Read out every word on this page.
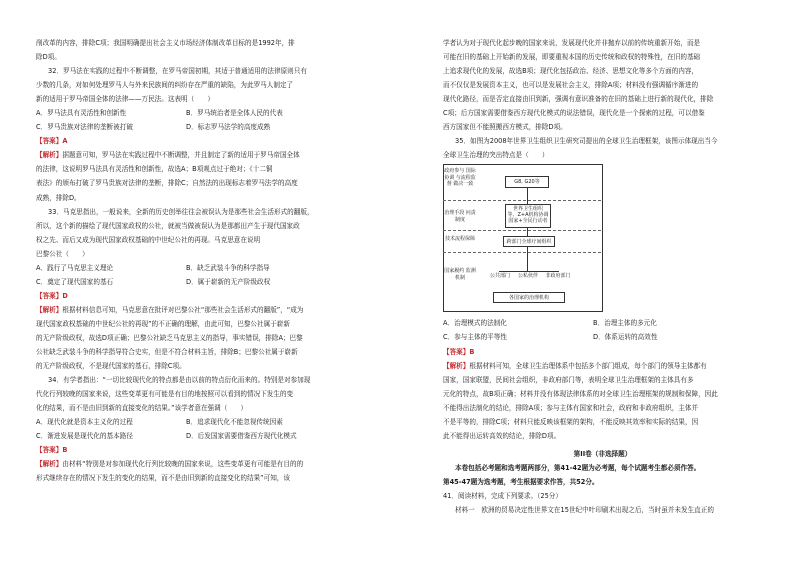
削改革的内容，排除C项；我国明确提出社会主义市场经济体制改革目标的是1992年，排
除D项。
32．罗马法在实践的过程中不断调整，在罗马帝国初期，其适于普通适用的法律原则只有
少数的几条，对如何处理罗马人与外来民族间的纠纷存在严重的缺陷，为此罗马人制定了
新的适用于罗马帝国全体的法律——万民法。这表明（　　）
A．罗马法具有灵活性和创新性	B．罗马统治者是全体人民的代表
C．罗马贵族对法律的垄断被打破	D．标志罗马法学的高度成熟
【答案】A
【解析】据题意可知，罗马法在实践过程中不断调整，并且制定了新的适用于罗马帝国全体
的法律，这说明罗马法具有灵活性和创新性，故选A；B项观点过于绝对；《十二铜
表法》的颁布打破了罗马贵族对法律的垄断，排除C；自然法的出现标志着罗马法学的高度
成熟，排除D。
33．马克思指出，一般说来，全新的历史创举往往会被误认为是那些社会生活形式的翻版，
所以，这个新的描绘了现代国家政权的公社，就被当做被误认为是那都田产生于现代国家政
权之先、而后又成为现代国家政权基础的中世纪公社的再现。马克思意在说明
巴黎公社（　　）
A．践行了马克思主义理论	B．缺乏武装斗争的科学指导
C．奠定了现代国家的基石	D．属于崭新的无产阶级政权
【答案】D
【解析】根据材料信息可知，马克思意在批评对巴黎公社“那些社会生活形式的翻版”，“成为
现代国家政权基础的中世纪公社的再现”的不正确的理解，由此可知，巴黎公社属于崭新
的无产阶级政权，故选D项正确；巴黎公社缺乏马克思主义的指导，事实错误，排除A；巴黎
公社缺乏武装斗争的科学指导符合史实，但是不符合材料主旨，排除B；巴黎公社属于崭新
的无产阶级政权，不是现代国家的基石，排除C项。
34．有学者指出：“一切比较现代化的特点都是由以前的特点衍化而来的。特别是对参加现
代化行列较晚的国家来说，这些变革更有可能是有目的地按照可以看到的情况下发生的变
化的结果，而不是由旧到新的直接变化的结果。”该学者意在强调（　　）
A．现代化就是资本主义化的过程	B．追求现代化不能忽视传统因素
C．渐进发展是现代化的基本路径	D．后发国家需要借鉴西方现代化模式
【答案】B
【解析】由材料“特别是对参加现代化行列比较晚的国家来说，这些变革更有可能是有目的的
形式继续存在的情况下发生的变化的结果，而不是由旧到新的直接变化的结果”可知，该
学者认为对于现代化起步晚的国家来说，发展现代化并非抛弃以前的传统重新开始，而是
可能在旧的基础上开始新的发展，即要重视本国的历史传统和政权的特殊性，在旧的基础
上追求现代化的发展，故选B项；现代化包括政治、经济、思想文化等多个方面的内容，
而不仅仅是发展资本主义，也可以是发展社会主义，排除A项；材料没有强调循序渐进的
现代化路径，而是否定直接由旧到新，强调有意识准备的在旧的基础上进行新的现代化，排除
C项；后方国家需要借鉴西方现代化模式的说法错误，现代化是一个探索的过程，可以借鉴
西方国家但不能照搬西方模式，排除D项。
35．如图为2008年世界卫生组织卫生研究司提出的全球卫生治理框架，该图示体现出当今
全球卫生治理的突出特点是（　　）
政府参与 国际协调 与流程监督 做决一致
治理手段 问责制度
技术流程保障
国家履约 监测机制
G8, G20等
世界卫生组织
等、Z+A机构协调
国家+全民行动者
跨部门全球疗间组织
公共部门	公私伙伴	非政府部门
各国家的治理机构
A．治理模式的法制化	B．治理主体的多元化
C．参与主体的平等性	D．体系运转的高效性
【答案】B
【解析】根据材料可知，全球卫生治理体系中包括多个部门组成，每个部门的领导主体都有
国家，国家联盟，民间社会组织，非政府部门等，表明全球卫生治理框架的主体具有多
元化的特点，故B项正确；材料并没有体现法律体系的对全球卫生治理框架的规制和保障，因此
不能得出法制化的结论，排除A项；参与主体有国家和社会，政府和非政府组织，主体并
不是平等的，排除C项；材料只能反映该框架的架构，不能反映其效率和实际的结果，因
此不能得出运转高效的结论，排除D项。
第II卷（非选择题）
本卷包括必考题和选考题两部分，第41-42题为必考题，每个试题考生都必须作答。
第45-47题为选考题，考生根据要求作答，共52分。
41．阅读材料，完成下列要求。（25分）
材料一　欧洲的贸易决定性世界文在15世纪中叶印刷术出现之后，当时虽并未发生直正的
